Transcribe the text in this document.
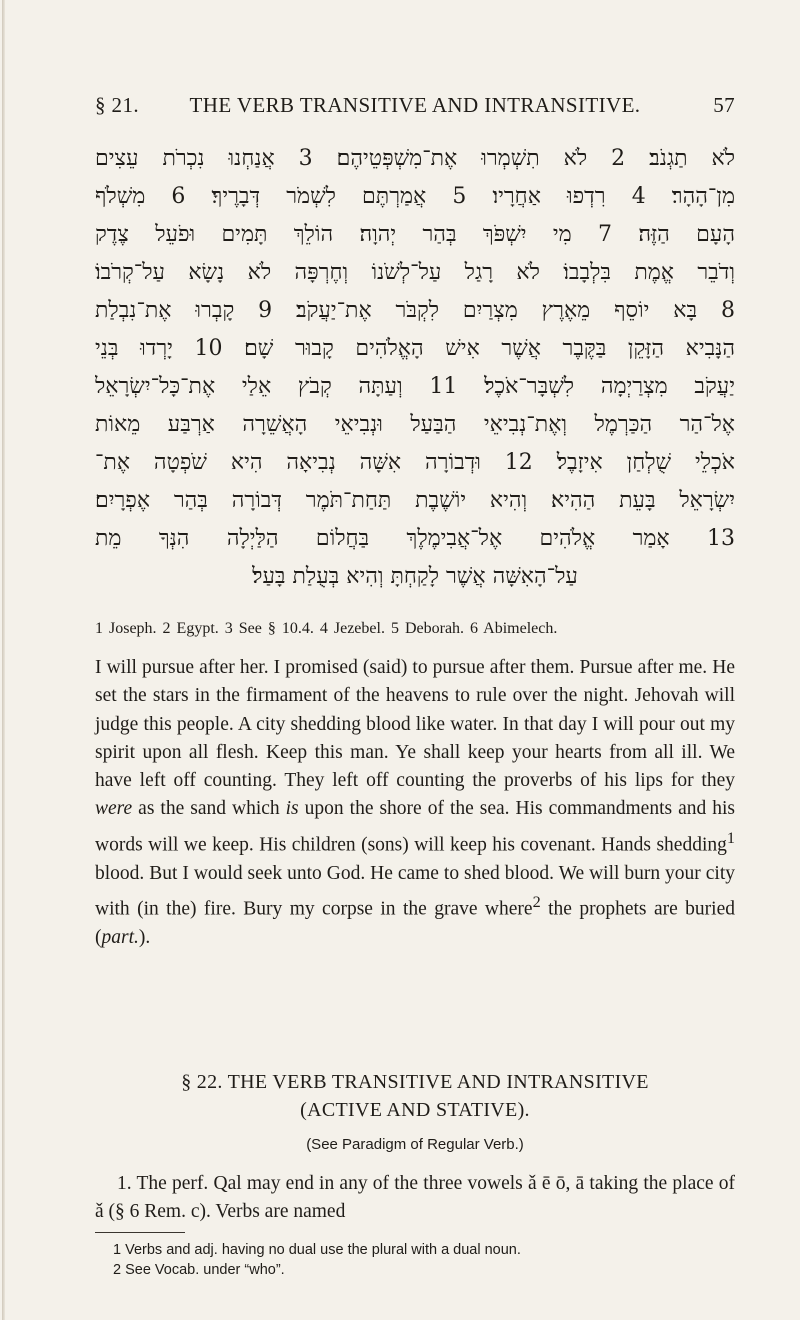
§ 21.	THE VERB TRANSITIVE AND INTRANSITIVE.	57
לֹא תַגְנֹב׃ 2 לֹא תִשְׁמְרוּ אֶת־מִשְׁפְּטֵיהֶם׃ 3 אֲנַחְנוּ נִכְרֹת עֵצִים
מִן־הָהָר׃ 4 רִדְפוּ אַחֲרָיו׃ 5 אֲמַרְתֶּם לִשְׁמֹר דְּבָרֶיךָ׃ 6 מִשְׁלֹף
הָעָם הַזֶּה׃ 7 מִי יִשְׁפֹּךְ בְּהַר יְהוָה׃ הוֹלֵךְ תָּמִים וּפֹעֵל צֶדֶק
וְדֹבֵר אֱמֶת בִּלְבָבוֹ׃ לֹא רָגַל עַל־לְשֹׁנוֹ וְחֶרְפָּה לֹא נָשָׂא עַל־קְרֹבוֹ׃
8 בָּא יוֹסֵף מֵאֶרֶץ מִצְרַיִם לִקְבֹּר אֶת־יַעֲקֹב׃ 9 קָבְרוּ אֶת־נִבְלַת
הַנָּבִיא הַזָּקֵן בַּקֶּבֶר אֲשֶׁר אִישׁ הָאֱלֹהִים קָבוּר שָׁם׃ 10 יָרְדוּ בְּנֵי
יַעֲקֹב מִצְרַיְמָה לִשְׁבָּר־אֹכֶל׃ 11 וְעַתָּה קְבֹץ אֵלַי אֶת־כָּל־יִשְׂרָאֵל
אֶל־הַר הַכַּרְמֶל וְאֶת־נְבִיאֵי הַבַּעַל וּנְבִיאֵי הָאֲשֵׁרָה אַרְבַּע מֵאוֹת
אֹכְלֵי שֻׁלְחַן אִיזָבֶל׃ 12 וּדְבוֹרָה אִשָּׁה נְבִיאָה הִיא שֹׁפְטָה אֶת־
יִשְׂרָאֵל בָּעֵת הַהִיא׃ וְהִיא יוֹשֶׁבֶת תַּחַת־תֹּמֶר דְּבוֹרָה בְּהַר אֶפְרָיִם׃
13 אָמַר אֱלֹהִים אֶל־אֲבִימֶלֶךְ בַּחֲלוֹם הַלַּיְלָה הִנְּךָ מֵת
עַל־הָאִשָּׁה אֲשֶׁר לָקַחְתָּ וְהִיא בְּעֻלַת בָּעַל׃
1 Joseph. 2 Egypt. 3 See § 10.4. 4 Jezebel. 5 Deborah. 6 Abimelech.
I will pursue after her. I promised (said) to pursue after them. Pursue after me. He set the stars in the firmament of the heavens to rule over the night. Jehovah will judge this people. A city shedding blood like water. In that day I will pour out my spirit upon all flesh. Keep this man. Ye shall keep your hearts from all ill. We have left off counting. They left off counting the proverbs of his lips for they were as the sand which is upon the shore of the sea. His commandments and his words will we keep. His children (sons) will keep his covenant. Hands shedding$^1$ blood. But I would seek unto God. He came to shed blood. We will burn your city with (in the) fire. Bury my corpse in the grave where$^2$ the prophets are buried (part.).
§ 22. THE VERB TRANSITIVE AND INTRANSITIVE
(ACTIVE AND STATIVE).
(See Paradigm of Regular Verb.)
1. The perf. Qal may end in any of the three vowels ǎ ē ō, ā taking the place of ǎ (§ 6 Rem. c). Verbs are named
1 Verbs and adj. having no dual use the plural with a dual noun.
2 See Vocab. under “who”.
